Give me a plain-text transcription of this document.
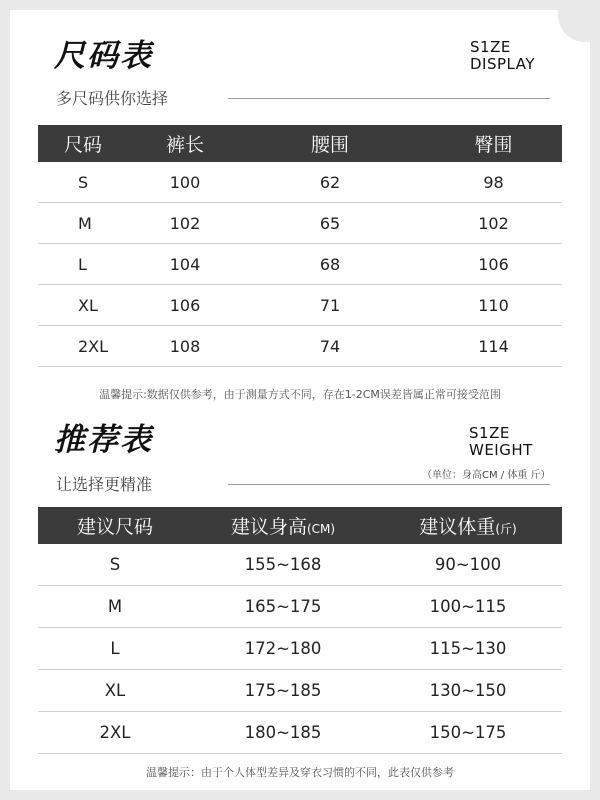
尺码表	S1ZE
DISPLAY
多尺码供你选择
尺码	裤长	腰围	臀围
S	100	62	98
M	102	65	102
L	104	68	106
XL	106	71	110
2XL	108	74	114
温馨提示:数据仅供参考，由于测量方式不同，存在1-2CM误差皆属正常可接受范围
推荐表	S1ZE
WEIGHT
（单位：身高CM / 体重 斤）
让选择更精准
建议尺码	建议身高(CM)	建议体重(斤)
S	155~168	90~100
M	165~175	100~115
L	172~180	115~130
XL	175~185	130~150
2XL	180~185	150~175
温馨提示：由于个人体型差异及穿衣习惯的不同，此表仅供参考
